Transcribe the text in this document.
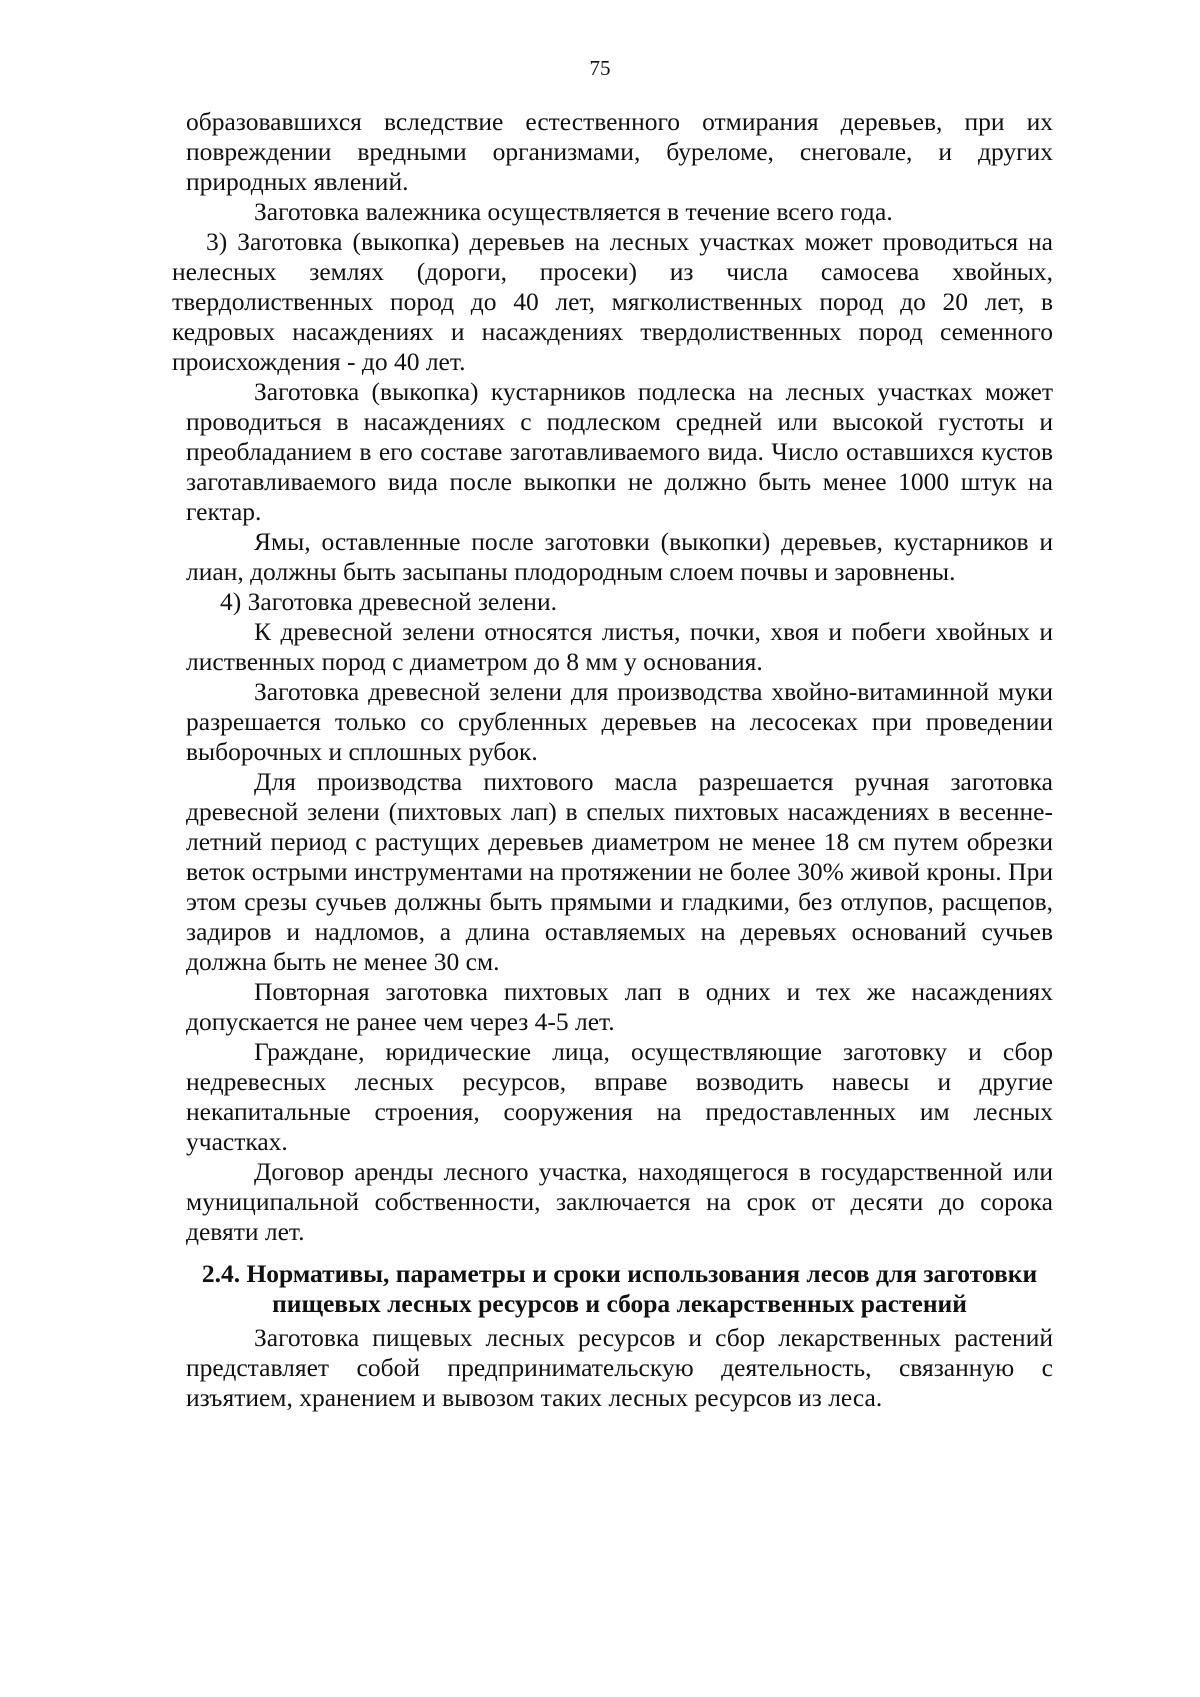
75

образовавшихся вследствие естественного отмирания деревьев, при их повреждении вредными организмами, буреломе, снеговале, и других природных явлений.

Заготовка валежника осуществляется в течение всего года.

3) Заготовка (выкопка) деревьев на лесных участках может проводиться на нелесных землях (дороги, просеки) из числа самосева хвойных, твердолиственных пород до 40 лет, мягколиственных пород до 20 лет, в кедровых насаждениях и насаждениях твердолиственных пород семенного происхождения - до 40 лет.

Заготовка (выкопка) кустарников подлеска на лесных участках может проводиться в насаждениях с подлеском средней или высокой густоты и преобладанием в его составе заготавливаемого вида. Число оставшихся кустов заготавливаемого вида после выкопки не должно быть менее 1000 штук на гектар.

Ямы, оставленные после заготовки (выкопки) деревьев, кустарников и лиан, должны быть засыпаны плодородным слоем почвы и заровнены.

4) Заготовка древесной зелени.

К древесной зелени относятся листья, почки, хвоя и побеги хвойных и лиственных пород с диаметром до 8 мм у основания.

Заготовка древесной зелени для производства хвойно-витаминной муки разрешается только со срубленных деревьев на лесосеках при проведении выборочных и сплошных рубок.

Для производства пихтового масла разрешается ручная заготовка древесной зелени (пихтовых лап) в спелых пихтовых насаждениях в весенне-летний период с растущих деревьев диаметром не менее 18 см путем обрезки веток острыми инструментами на протяжении не более 30% живой кроны. При этом срезы сучьев должны быть прямыми и гладкими, без отлупов, расщепов, задиров и надломов, а длина оставляемых на деревьях оснований сучьев должна быть не менее 30 см.

Повторная заготовка пихтовых лап в одних и тех же насаждениях допускается не ранее чем через 4-5 лет.

Граждане, юридические лица, осуществляющие заготовку и сбор недревесных лесных ресурсов, вправе возводить навесы и другие некапитальные строения, сооружения на предоставленных им лесных участках.

Договор аренды лесного участка, находящегося в государственной или муниципальной собственности, заключается на срок от десяти до сорока девяти лет.

2.4. Нормативы, параметры и сроки использования лесов для заготовки пищевых лесных ресурсов и сбора лекарственных растений

Заготовка пищевых лесных ресурсов и сбор лекарственных растений представляет собой предпринимательскую деятельность, связанную с изъятием, хранением и вывозом таких лесных ресурсов из леса.
